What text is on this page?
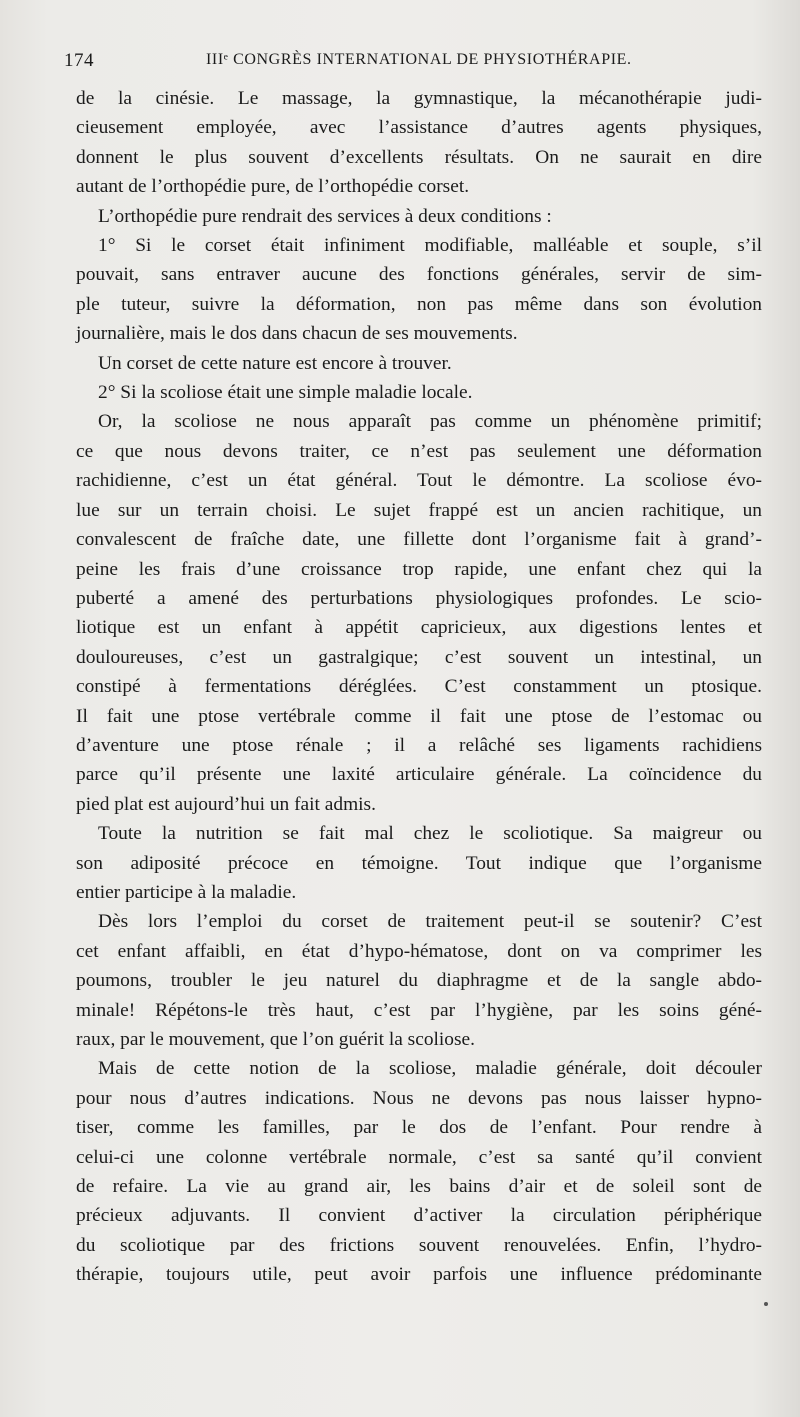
174	IIIᵉ CONGRÈS INTERNATIONAL DE PHYSIOTHÉRAPIE.

de la cinésie. Le massage, la gymnastique, la mécanothérapie judi-

cieusement employée, avec l’assistance d’autres agents physiques,

donnent le plus souvent d’excellents résultats. On ne saurait en dire

autant de l’orthopédie pure, de l’orthopédie corset.

L’orthopédie pure rendrait des services à deux conditions :

1° Si le corset était infiniment modifiable, malléable et souple, s’il

pouvait, sans entraver aucune des fonctions générales, servir de sim-

ple tuteur, suivre la déformation, non pas même dans son évolution

journalière, mais le dos dans chacun de ses mouvements.

Un corset de cette nature est encore à trouver.

2° Si la scoliose était une simple maladie locale.

Or, la scoliose ne nous apparaît pas comme un phénomène primitif;

ce que nous devons traiter, ce n’est pas seulement une déformation

rachidienne, c’est un état général. Tout le démontre. La scoliose évo-

lue sur un terrain choisi. Le sujet frappé est un ancien rachitique, un

convalescent de fraîche date, une fillette dont l’organisme fait à grand’-

peine les frais d’une croissance trop rapide, une enfant chez qui la

puberté a amené des perturbations physiologiques profondes. Le scio-

liotique est un enfant à appétit capricieux, aux digestions lentes et

douloureuses, c’est un gastralgique; c’est souvent un intestinal, un

constipé à fermentations déréglées. C’est constamment un ptosique.

Il fait une ptose vertébrale comme il fait une ptose de l’estomac ou

d’aventure une ptose rénale ; il a relâché ses ligaments rachidiens

parce qu’il présente une laxité articulaire générale. La coïncidence du

pied plat est aujourd’hui un fait admis.

Toute la nutrition se fait mal chez le scoliotique. Sa maigreur ou

son adiposité précoce en témoigne. Tout indique que l’organisme

entier participe à la maladie.

Dès lors l’emploi du corset de traitement peut-il se soutenir? C’est

cet enfant affaibli, en état d’hypo-hématose, dont on va comprimer les

poumons, troubler le jeu naturel du diaphragme et de la sangle abdo-

minale! Répétons-le très haut, c’est par l’hygiène, par les soins géné-

raux, par le mouvement, que l’on guérit la scoliose.

Mais de cette notion de la scoliose, maladie générale, doit découler

pour nous d’autres indications. Nous ne devons pas nous laisser hypno-

tiser, comme les familles, par le dos de l’enfant. Pour rendre à

celui-ci une colonne vertébrale normale, c’est sa santé qu’il convient

de refaire. La vie au grand air, les bains d’air et de soleil sont de

précieux adjuvants. Il convient d’activer la circulation périphérique

du scoliotique par des frictions souvent renouvelées. Enfin, l’hydro-

thérapie, toujours utile, peut avoir parfois une influence prédominante
